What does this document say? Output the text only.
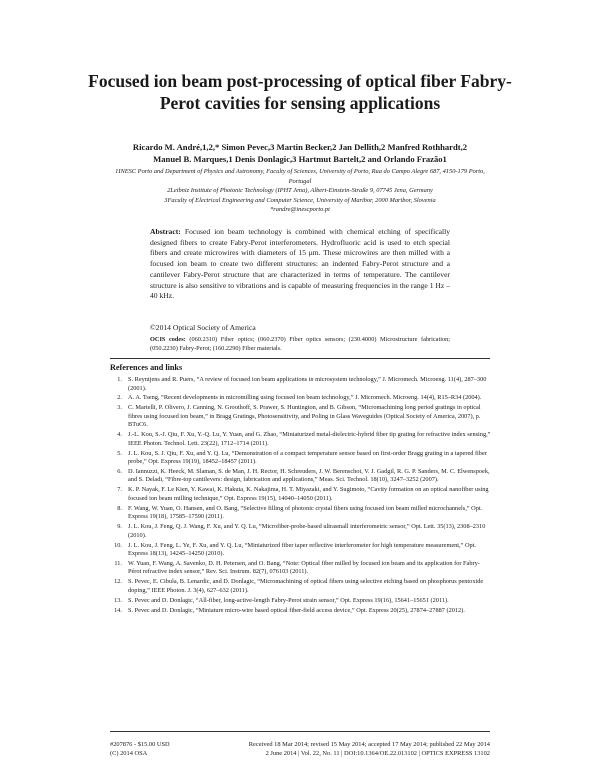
Focused ion beam post-processing of optical fiber Fabry-Perot cavities for sensing applications
Ricardo M. André,1,2,* Simon Pevec,3 Martin Becker,2 Jan Dellith,2 Manfred Rothhardt,2
Manuel B. Marques,1 Denis Donlagic,3 Hartmut Bartelt,2 and Orlando Frazão1
1INESC Porto and Department of Physics and Astronomy, Faculty of Sciences, University of Porto, Rua do Campo Alegre 687, 4150-179 Porto, Portugal
2Leibniz Institute of Photonic Technology (IPHT Jena), Albert-Einstein-Straße 9, 07745 Jena, Germany
3Faculty of Electrical Engineering and Computer Science, University of Maribor, 2000 Maribor, Slovenia
*randre@inescporto.pt
Abstract: Focused ion beam technology is combined with chemical etching of specifically designed fibers to create Fabry-Perot interferometers. Hydrofluoric acid is used to etch special fibers and create microwires with diameters of 15 μm. These microwires are then milled with a focused ion beam to create two different structures: an indented Fabry-Perot structure and a cantilever Fabry-Perot structure that are characterized in terms of temperature. The cantilever structure is also sensitive to vibrations and is capable of measuring frequencies in the range 1 Hz – 40 kHz.
©2014 Optical Society of America
OCIS codes: (060.2310) Fiber optics; (060.2370) Fiber optics sensors; (230.4000) Microstructure fabrication; (050.2230) Fabry-Perot; (160.2290) Fiber materials.
References and links
1. S. Reyntjens and R. Puers, “A review of focused ion beam applications in microsystem technology,” J. Micromech. Microeng. 11(4), 287–300 (2001).
2. A. A. Tseng, “Recent developments in micromilling using focused ion beam technology,” J. Micromech. Microeng. 14(4), R15–R34 (2004).
3. C. Martelli, P. Olivero, J. Canning, N. Groothoff, S. Prawer, S. Huntington, and B. Gibson, “Micromachining long period gratings in optical fibres using focused ion beam,” in Bragg Gratings, Photosensitivity, and Poling in Glass Waveguides (Optical Society of America, 2007), p. BTuC6.
4. J.-L. Kou, S.-J. Qiu, F. Xu, Y.-Q. Lu, Y. Yuan, and G. Zhao, “Miniaturized metal-dielectric-hybrid fiber tip grating for refractive index sensing,” IEEE Photon. Technol. Lett. 23(22), 1712–1714 (2011).
5. J. L. Kou, S. J. Qiu, F. Xu, and Y. Q. Lu, “Demonstration of a compact temperature sensor based on first-order Bragg grating in a tapered fiber probe,” Opt. Express 19(19), 18452–18457 (2011).
6. D. Iannuzzi, K. Heeck, M. Slaman, S. de Man, J. H. Rector, H. Schreuders, J. W. Berenschot, V. J. Gadgil, R. G. P. Sanders, M. C. Elwenspoek, and S. Deladi, “Fibre-top cantilevers: design, fabrication and applications,” Meas. Sci. Technol. 18(10), 3247–3252 (2007).
7. K. P. Nayak, F. Le Kien, Y. Kawai, K. Hakuta, K. Nakajima, H. T. Miyazaki, and Y. Sugimoto, “Cavity formation on an optical nanofiber using focused ion beam milling technique,” Opt. Express 19(15), 14040–14050 (2011).
8. F. Wang, W. Yuan, O. Hansen, and O. Bang, “Selective filling of photonic crystal fibers using focused ion beam milled microchannels,” Opt. Express 19(18), 17585–17590 (2011).
9. J. L. Kou, J. Feng, Q. J. Wang, F. Xu, and Y. Q. Lu, “Microfiber-probe-based ultrasmall interferometric sensor,” Opt. Lett. 35(13), 2308–2310 (2010).
10. J. L. Kou, J. Feng, L. Ye, F. Xu, and Y. Q. Lu, “Miniaturized fiber taper reflective interferometer for high temperature measurement,” Opt. Express 18(13), 14245–14250 (2010).
11. W. Yuan, F. Wang, A. Savenko, D. H. Petersen, and O. Bang, “Note: Optical fiber milled by focused ion beam and its application for Fabry-Pérot refractive index sensor,” Rev. Sci. Instrum. 82(7), 076103 (2011).
12. S. Pevec, E. Cibula, B. Lenardic, and D. Donlagic, “Micromachining of optical fibers using selective etching based on phosphorus pentoxide doping,” IEEE Photon. J. 3(4), 627–632 (2011).
13. S. Pevec and D. Donlagic, “All-fiber, long-active-length Fabry-Perot strain sensor,” Opt. Express 19(16), 15641–15651 (2011).
14. S. Pevec and D. Donlagic, “Miniature micro-wire based optical fiber-field access device,” Opt. Express 20(25), 27874–27887 (2012).
#207876 - $15.00 USD	Received 18 Mar 2014; revised 15 May 2014; accepted 17 May 2014; published 22 May 2014
(C) 2014 OSA	2 June 2014 | Vol. 22, No. 11 | DOI:10.1364/OE.22.013102 | OPTICS EXPRESS 13102
